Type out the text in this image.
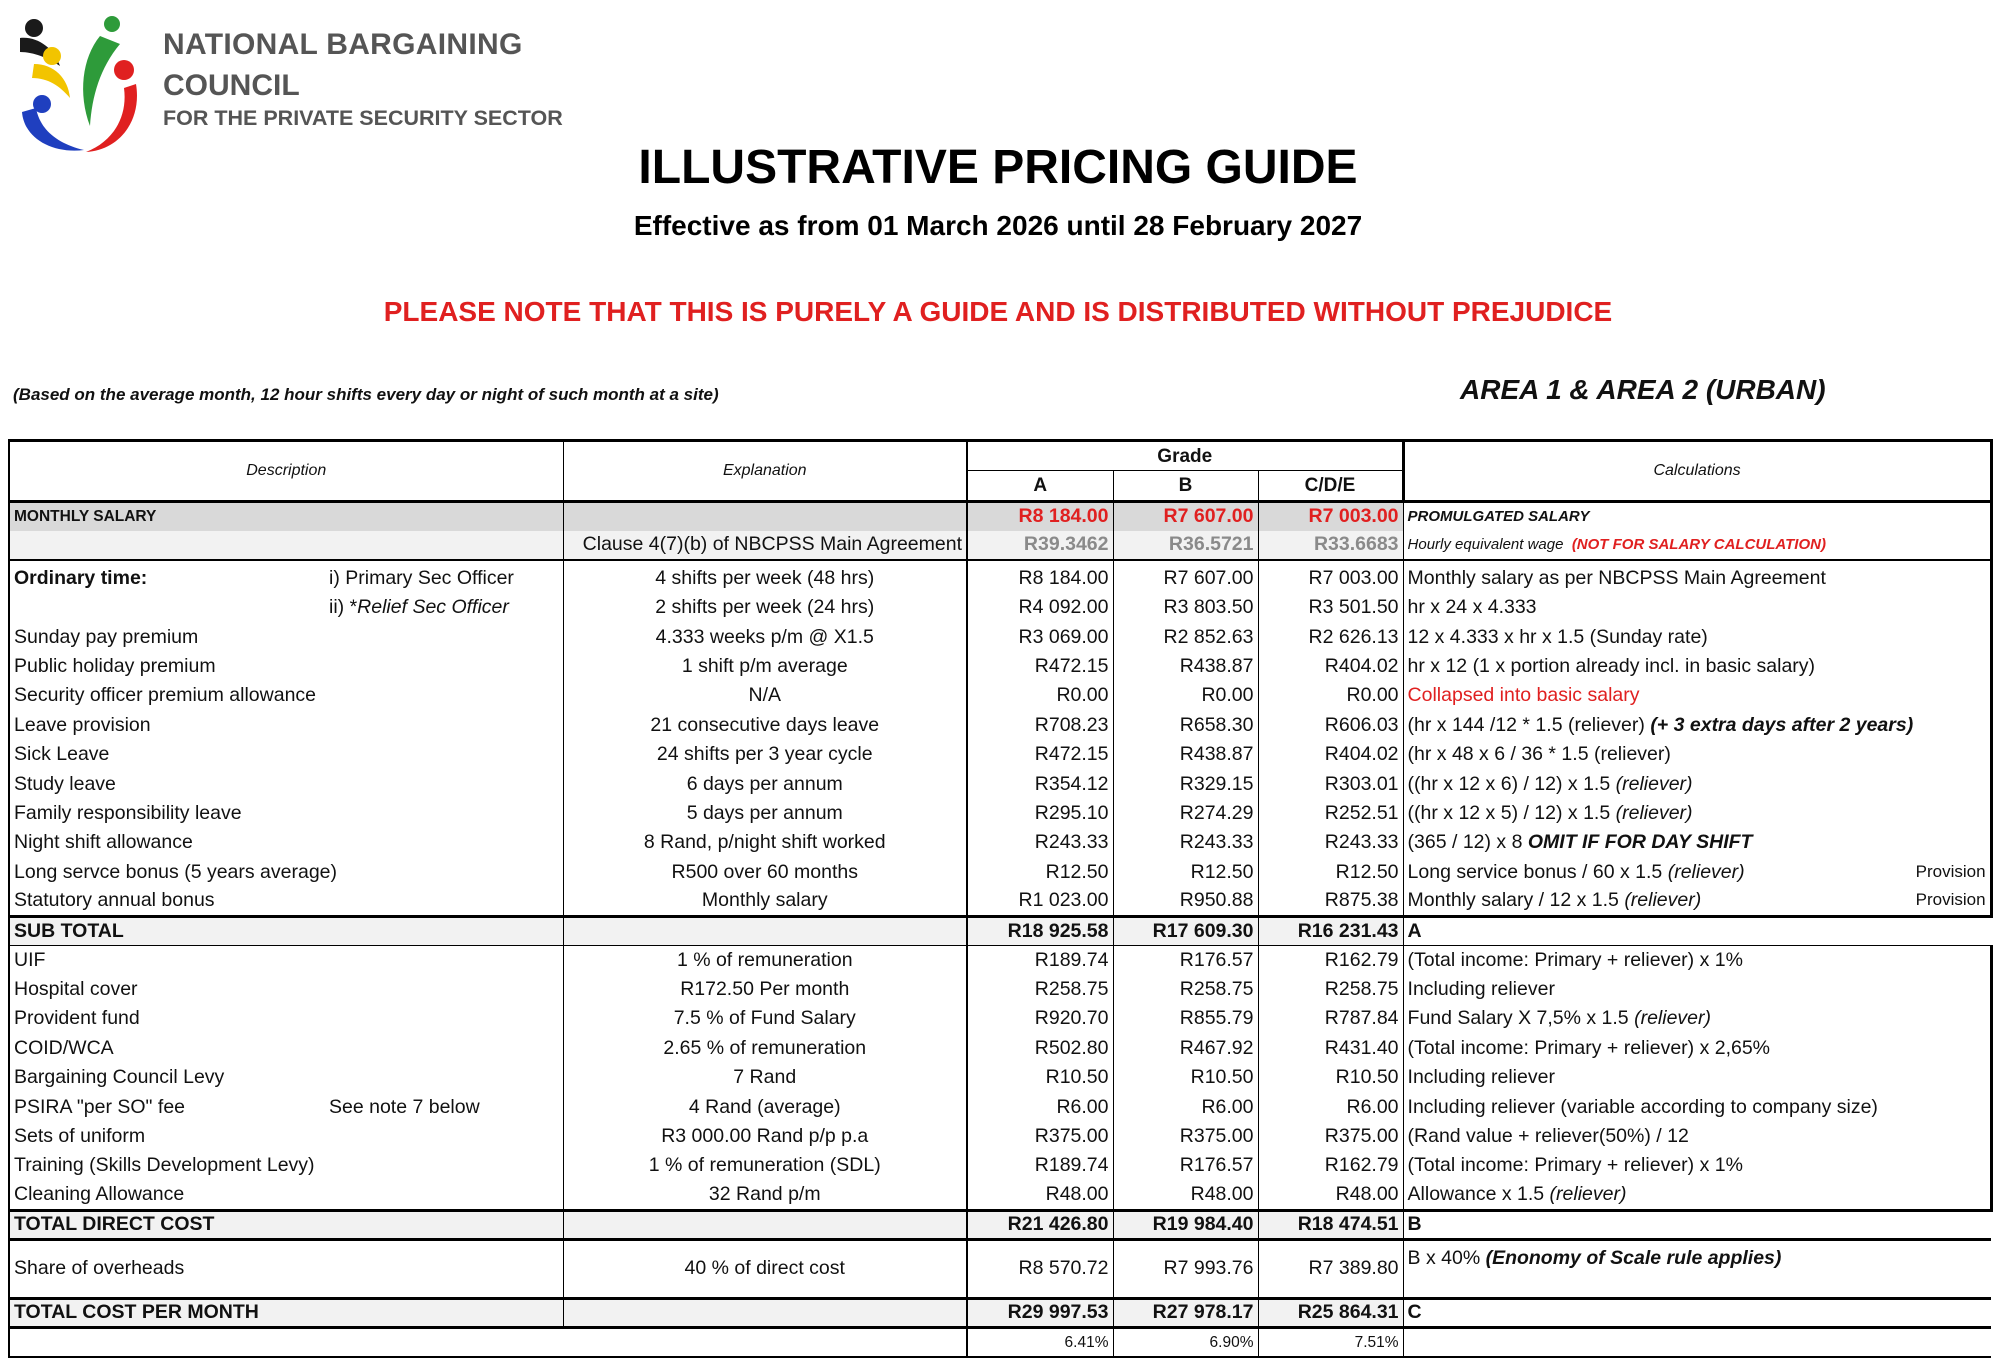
NATIONAL BARGAINING
COUNCIL
FOR THE PRIVATE SECURITY SECTOR
ILLUSTRATIVE PRICING GUIDE
Effective as from 01 March 2026 until 28 February 2027
PLEASE NOTE THAT THIS IS PURELY A GUIDE AND IS DISTRIBUTED WITHOUT PREJUDICE
(Based on the average month, 12 hour shifts every day or night of such month at a site)	AREA 1 & AREA 2 (URBAN)
Description	Explanation	Grade			Calculations
		A	B	C/D/E	
MONTHLY SALARY		R8 184.00	R7 607.00	R7 003.00	PROMULGATED SALARY
	Clause 4(7)(b) of NBCPSS Main Agreement	R39.3462	R36.5721	R33.6683	Hourly equivalent wage (NOT FOR SALARY CALCULATION)

Ordinary time: i) Primary Sec Officer	4 shifts per week (48 hrs)	R8 184.00	R7 607.00	R7 003.00	Monthly salary as per NBCPSS Main Agreement
ii) *Relief Sec Officer	2 shifts per week (24 hrs)	R4 092.00	R3 803.50	R3 501.50	hr x 24 x 4.333
Sunday pay premium	4.333 weeks p/m @ X1.5	R3 069.00	R2 852.63	R2 626.13	12 x 4.333 x hr x 1.5 (Sunday rate)
Public holiday premium	1 shift p/m average	R472.15	R438.87	R404.02	hr x 12 (1 x portion already incl. in basic salary)
Security officer premium allowance	N/A	R0.00	R0.00	R0.00	Collapsed into basic salary
Leave provision	21 consecutive days leave	R708.23	R658.30	R606.03	(hr x 144 /12 * 1.5 (reliever) (+ 3 extra days after 2 years)
Sick Leave	24 shifts per 3 year cycle	R472.15	R438.87	R404.02	(hr x 48 x 6 / 36 * 1.5 (reliever)
Study leave	6 days per annum	R354.12	R329.15	R303.01	((hr x 12 x 6) / 12) x 1.5 (reliever)
Family responsibility leave	5 days per annum	R295.10	R274.29	R252.51	((hr x 12 x 5) / 12) x 1.5 (reliever)
Night shift allowance	8 Rand, p/night shift worked	R243.33	R243.33	R243.33	(365 / 12) x 8 OMIT IF FOR DAY SHIFT
Long servce bonus (5 years average)	R500 over 60 months	R12.50	R12.50	R12.50	Long service bonus / 60 x 1.5 (reliever) Provision

Statutory annual bonus	Monthly salary	R1 023.00	R950.88	R875.38	Monthly salary / 12 x 1.5 (reliever) Provision

SUB TOTAL		R18 925.58	R17 609.30	R16 231.43	A
UIF	1 % of remuneration	R189.74	R176.57	R162.79	(Total income: Primary + reliever) x 1%
Hospital cover	R172.50 Per month	R258.75	R258.75	R258.75	Including reliever
Provident fund	7.5 % of Fund Salary	R920.70	R855.79	R787.84	Fund Salary X 7,5% x 1.5 (reliever)
COID/WCA	2.65 % of remuneration	R502.80	R467.92	R431.40	(Total income: Primary + reliever) x 2,65%
Bargaining Council Levy	7 Rand	R10.50	R10.50	R10.50	Including reliever
PSIRA "per SO" fee See note 7 below	4 Rand (average)	R6.00	R6.00	R6.00	Including reliever (variable according to company size)
Sets of uniform	R3 000.00 Rand p/p p.a	R375.00	R375.00	R375.00	(Rand value + reliever(50%) / 12
Training (Skills Development Levy)	1 % of remuneration (SDL)	R189.74	R176.57	R162.79	(Total income: Primary + reliever) x 1%
Cleaning Allowance	32 Rand p/m	R48.00	R48.00	R48.00	Allowance x 1.5 (reliever)
TOTAL DIRECT COST		R21 426.80	R19 984.40	R18 474.51	B
Share of overheads	40 % of direct cost	R8 570.72	R7 993.76	R7 389.80	B x 40% (Enonomy of Scale rule applies)
TOTAL COST PER MONTH		R29 997.53	R27 978.17	R25 864.31	C
		6.41%	6.90%	7.51%	
